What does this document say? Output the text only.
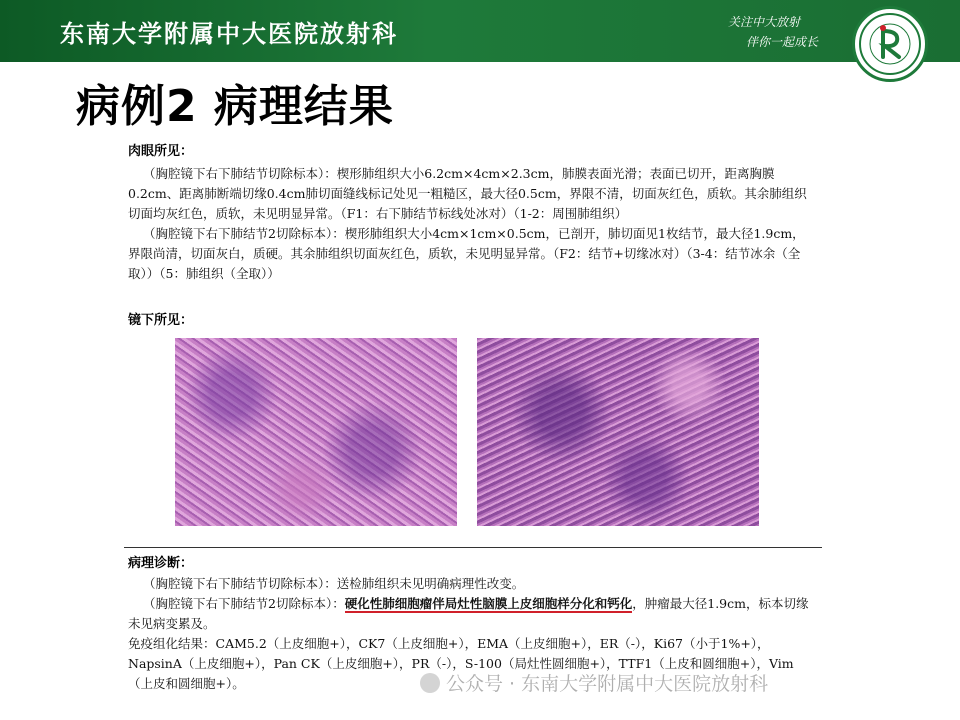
东南大学附属中大医院放射科	关注中大放射
伴你一起成长
病例2 病理结果
肉眼所见：

（胸腔镜下右下肺结节切除标本）：楔形肺组织大小6.2cm×4cm×2.3cm，肺膜表面光滑；表面已切开，距离胸膜0.2cm、距离肺断端切缘0.4cm肺切面缝线标记处见一粗糙区，最大径0.5cm，界限不清，切面灰红色，质软。其余肺组织切面均灰红色，质软，未见明显异常。（F1：右下肺结节标线处冰对）（1-2：周围肺组织）

（胸腔镜下右下肺结节2切除标本）：楔形肺组织大小4cm×1cm×0.5cm，已剖开，肺切面见1枚结节，最大径1.9cm，界限尚清，切面灰白，质硬。其余肺组织切面灰红色，质软，未见明显异常。（F2：结节+切缘冰对）（3-4：结节冰余（全取））（5：肺组织（全取））

镜下所见：
病理诊断：

（胸腔镜下右下肺结节切除标本）：送检肺组织未见明确病理性改变。

（胸腔镜下右下肺结节2切除标本）：硬化性肺细胞瘤伴局灶性脑膜上皮细胞样分化和钙化，肿瘤最大径1.9cm，标本切缘未见病变累及。

免疫组化结果：CAM5.2（上皮细胞+），CK7（上皮细胞+），EMA（上皮细胞+），ER（-），Ki67（小于1%+），NapsinA（上皮细胞+），Pan CK（上皮细胞+），PR（-），S-100（局灶性圆细胞+），TTF1（上皮和圆细胞+），Vim（上皮和圆细胞+）。	公众号 · 东南大学附属中大医院放射科
